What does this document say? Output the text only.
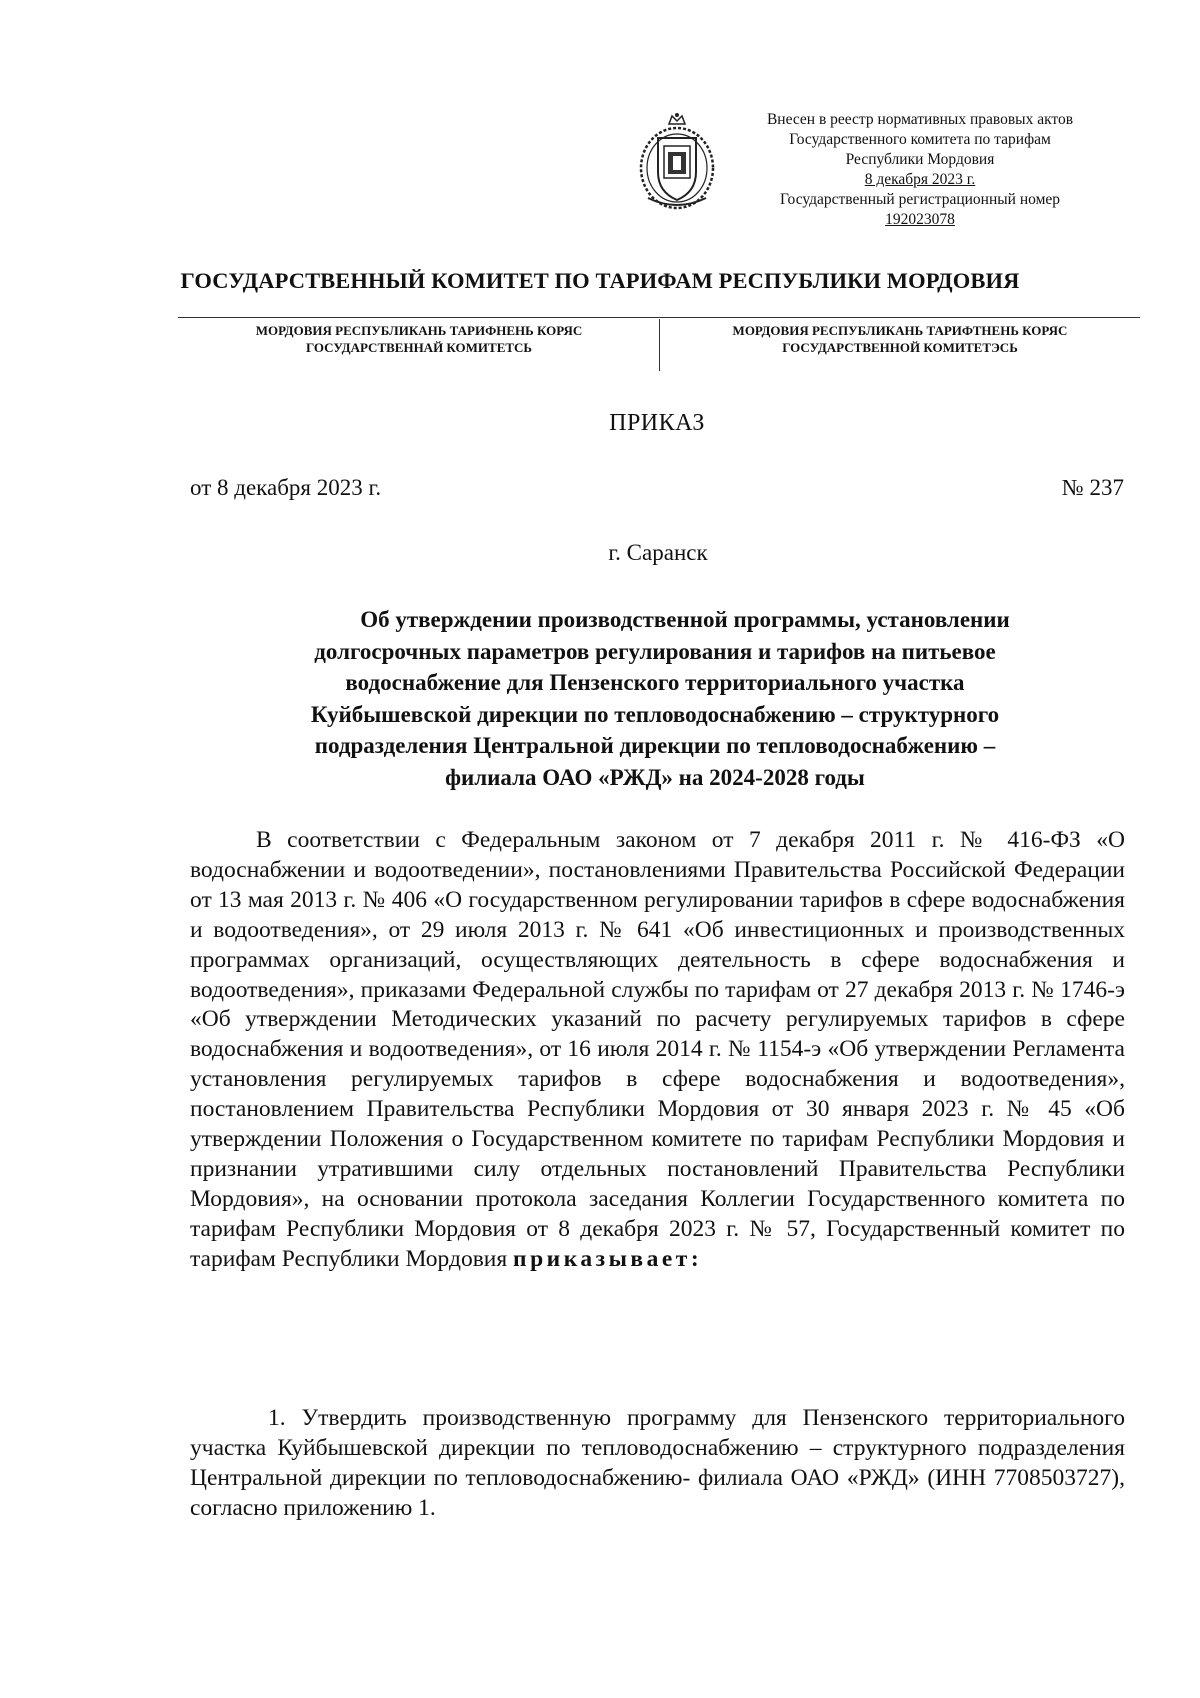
Внесен в реестр нормативных правовых актов
Государственного комитета по тарифам
Республики Мордовия
8 декабря 2023 г.
Государственный регистрационный номер
192023078
ГОСУДАРСТВЕННЫЙ КОМИТЕТ ПО ТАРИФАМ РЕСПУБЛИКИ МОРДОВИЯ
МОРДОВИЯ РЕСПУБЛИКАНЬ ТАРИФНЕНЬ КОРЯС
ГОСУДАРСТВЕННАЙ КОМИТЕТСЬ
МОРДОВИЯ РЕСПУБЛИКАНЬ ТАРИФТНЕНЬ КОРЯС
ГОСУДАРСТВЕННОЙ КОМИТЕТЭСЬ
ПРИКАЗ
от 8 декабря 2023 г.	№ 237
г. Саранск
Об утверждении производственной программы, установлении
долгосрочных параметров регулирования и тарифов на питьевое
водоснабжение для Пензенского территориального участка
Куйбышевской дирекции по тепловодоснабжению – структурного
подразделения Центральной дирекции по тепловодоснабжению –
филиала ОАО «РЖД» на 2024-2028 годы
В соответствии с Федеральным законом от 7 декабря 2011 г. № 416-ФЗ «О водоснабжении и водоотведении», постановлениями Правительства Российской Федерации от 13 мая 2013 г. № 406 «О государственном регулировании тарифов в сфере водоснабжения и водоотведения», от 29 июля 2013 г. № 641 «Об инвестиционных и производственных программах организаций, осуществляющих деятельность в сфере водоснабжения и водоотведения», приказами Федеральной службы по тарифам от 27 декабря 2013 г. № 1746-э «Об утверждении Методических указаний по расчету регулируемых тарифов в сфере водоснабжения и водоотведения», от 16 июля 2014 г. № 1154-э «Об утверждении Регламента установления регулируемых тарифов в сфере водоснабжения и водоотведения», постановлением Правительства Республики Мордовия от 30 января 2023 г. № 45 «Об утверждении Положения о Государственном комитете по тарифам Республики Мордовия и признании утратившими силу отдельных постановлений Правительства Республики Мордовия», на основании протокола заседания Коллегии Государственного комитета по тарифам Республики Мордовия от 8 декабря 2023 г. № 57, Государственный комитет по тарифам Республики Мордовия приказывает:
1. Утвердить производственную программу для Пензенского территориального участка Куйбышевской дирекции по тепловодоснабжению – структурного подразделения Центральной дирекции по тепловодоснабжению- филиала ОАО «РЖД» (ИНН 7708503727), согласно приложению 1.
